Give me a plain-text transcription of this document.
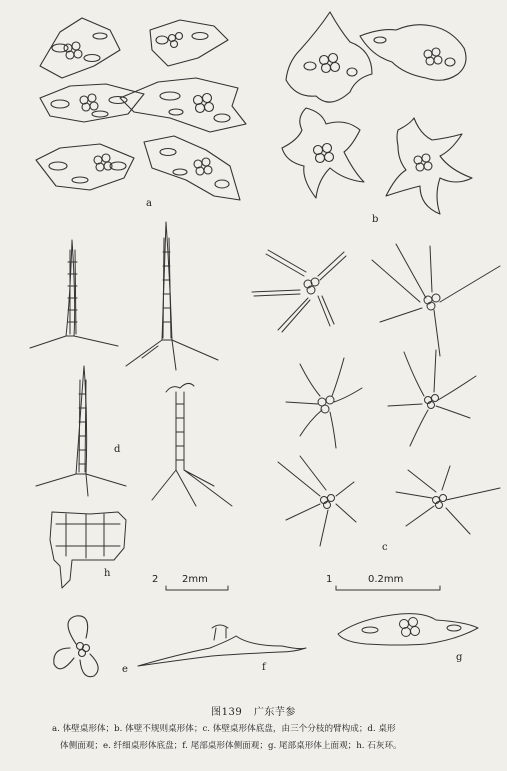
a
b
c
d
e	f
g
h
2 2mm	1	0.2mm
图139 广东芋参

a. 体壁桌形体；b. 体壁不规则桌形体；c. 体壁桌形体底盘，由三个分枝的臂构成；d. 桌形

体侧面观；e. 纤细桌形体底盘；f. 尾部桌形体侧面观；g. 尾部桌形体上面观；h. 石灰环。
